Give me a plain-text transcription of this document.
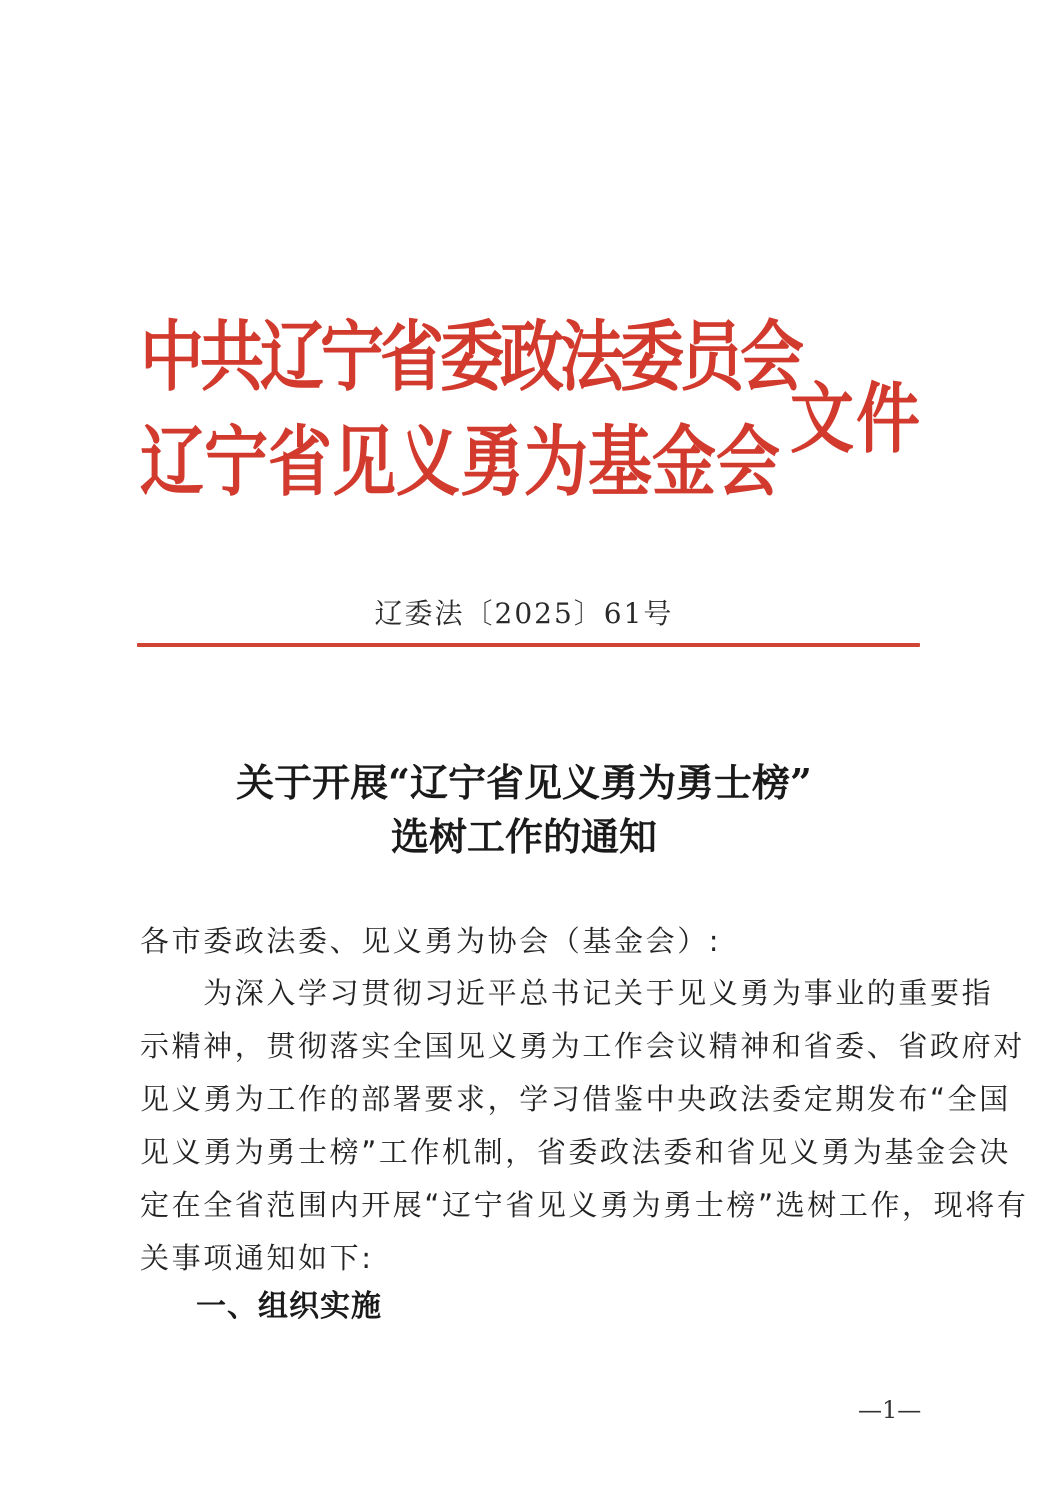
中共辽宁省委政法委员会
辽宁省见义勇为基金会 文件
辽委法〔2025〕61号
关于开展“辽宁省见义勇为勇士榜”
选树工作的通知
各市委政法委、见义勇为协会（基金会）:
　　为深入学习贯彻习近平总书记关于见义勇为事业的重要指
示精神，贯彻落实全国见义勇为工作会议精神和省委、省政府对
见义勇为工作的部署要求，学习借鉴中央政法委定期发布“全国
见义勇为勇士榜”工作机制，省委政法委和省见义勇为基金会决
定在全省范围内开展“辽宁省见义勇为勇士榜”选树工作，现将有
关事项通知如下:
一、组织实施
—1—
